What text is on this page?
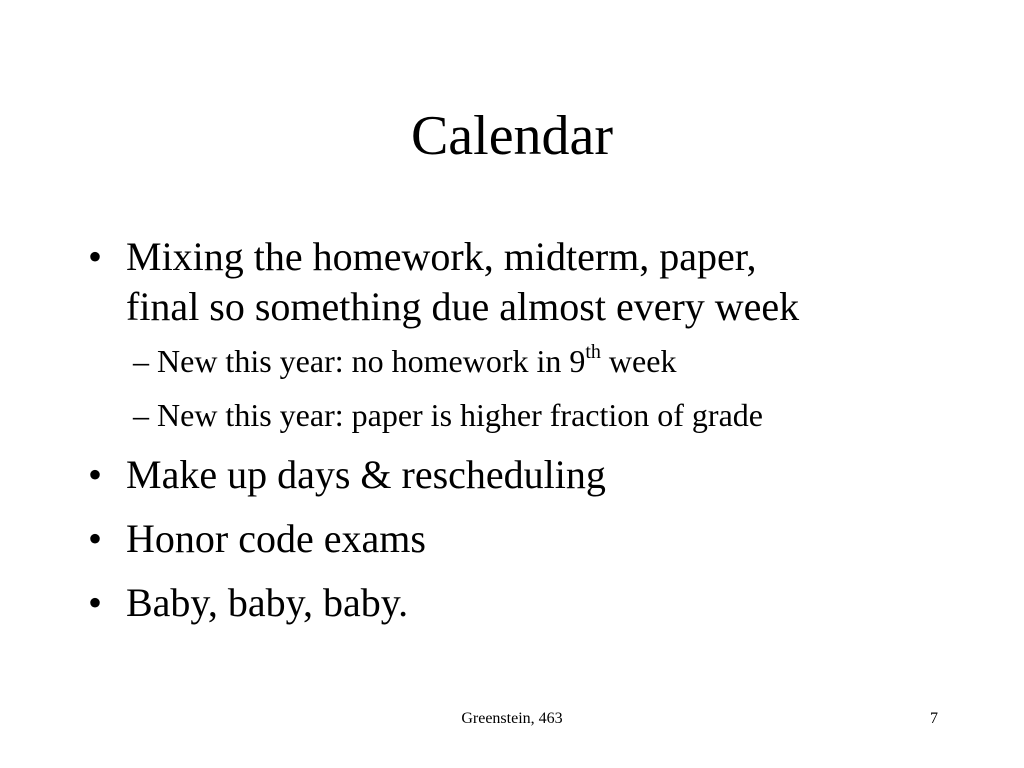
Calendar
• Mixing the homework, midterm, paper,
final so something due almost every week
– New this year: no homework in 9th week
– New this year: paper is higher fraction of grade
• Make up days & rescheduling
• Honor code exams
• Baby, baby, baby.
Greenstein, 463	7
